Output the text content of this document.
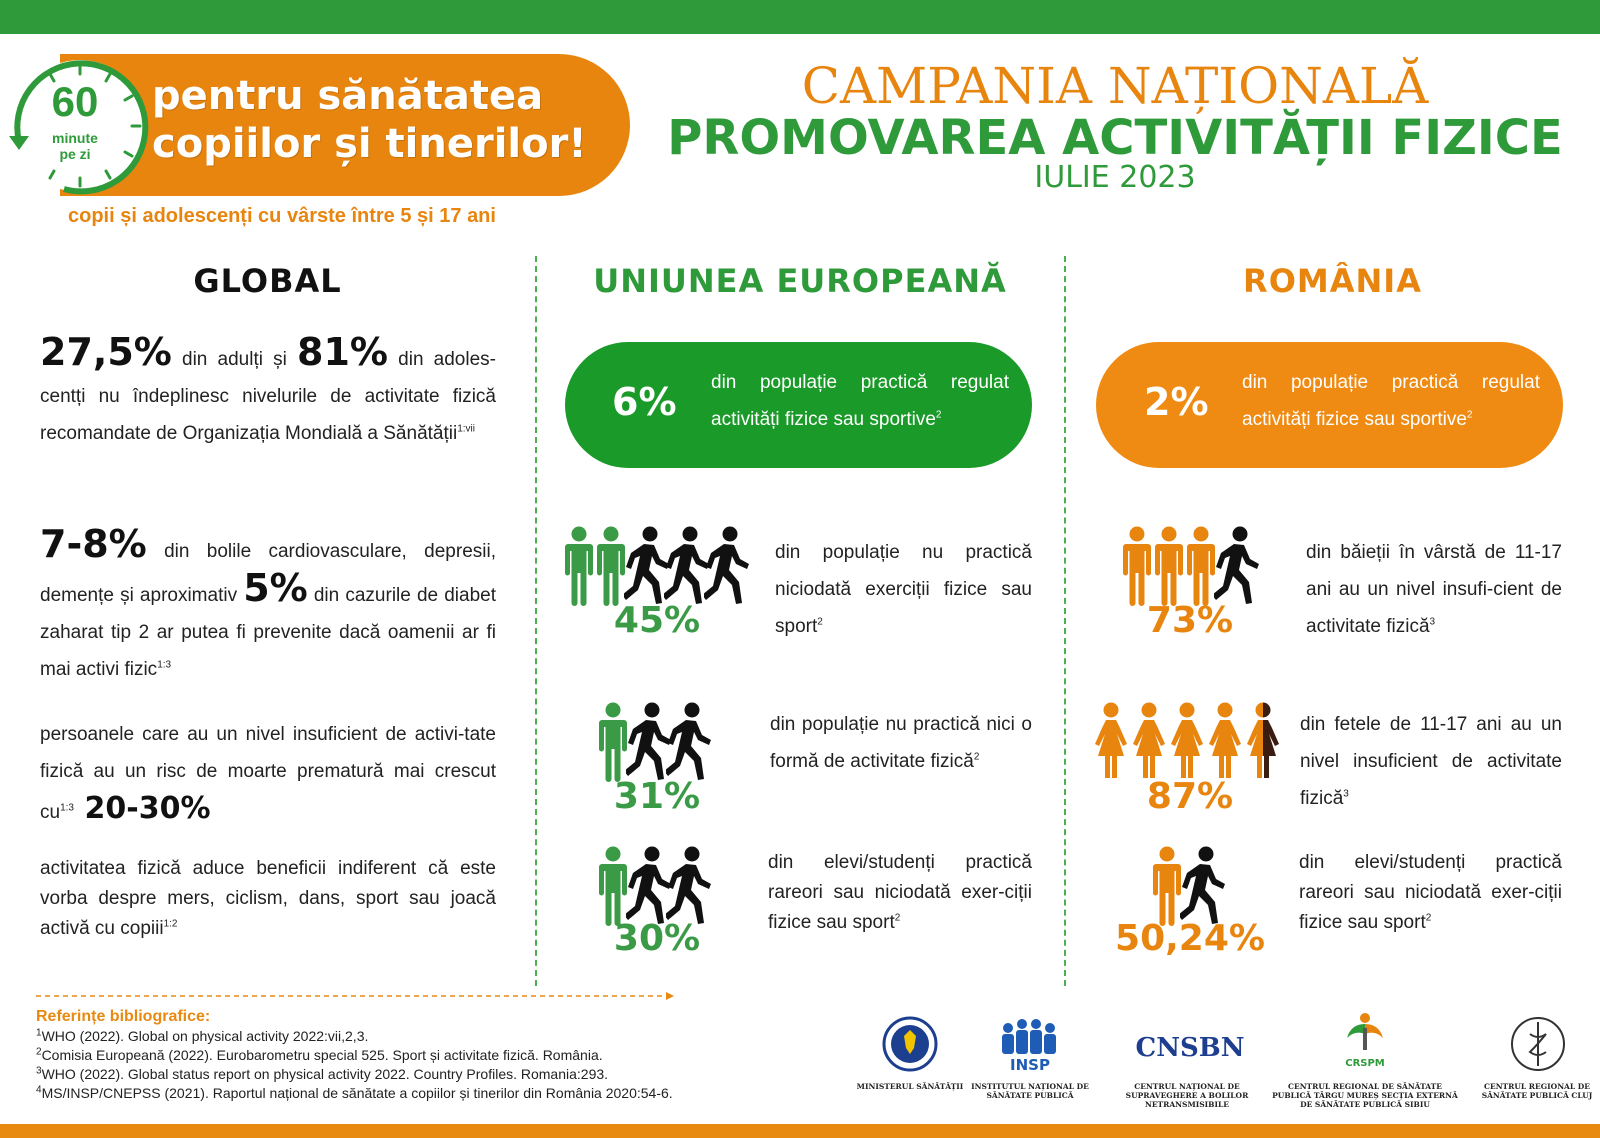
60
minute
pe zi
pentru sănătatea
copiilor și tinerilor!
copii și adolescenți cu vârste între 5 și 17 ani
CAMPANIA NAȚIONALĂ
PROMOVAREA ACTIVITĂȚII FIZICE
IULIE 2023
GLOBAL
27,5% din adulți și 81% din adoles-centți nu îndeplinesc nivelurile de activitate fizică recomandate de Organizația Mondială a Sănătății$^{1:vii}$
7-8% din bolile cardiovasculare, depresii, demențe și aproximativ 5% din cazurile de diabet zaharat tip 2 ar putea fi prevenite dacă oamenii ar fi mai activi fizic$^{1:3}$
persoanele care au un nivel insuficient de activi-tate fizică au un risc de moarte prematură mai crescut $cu^{1:3}$ 20-30%
activitatea fizică aduce beneficii indiferent că este vorba despre mers, ciclism, dans, sport sau joacă activă cu copiii$^{1:2}$
UNIUNEA EUROPEANĂ
6% din populație practică regulat activități fizice sau sportive$^2$
45%
din populație nu practică niciodată exerciții fizice sau sport$^2$
31%
din populație nu practică nici o formă de activitate fizică$^2$
30%
din elevi/studenți practică rareori sau niciodată exer-ciții fizice sau sport$^2$
ROMÂNIA
2% din populație practică regulat activități fizice sau sportive$^2$
73%
din băieții în vârstă de 11-17 ani au un nivel insufi-cient de activitate fizică$^3$
87%
din fetele de 11-17 ani au un nivel insuficient de activitate fizică$^3$
50,24%
din elevi/studenți practică rareori sau niciodată exer-ciții fizice sau sport$^2$
Referințe bibliografice:
$^1$WHO (2022). Global on physical activity 2022:vii,2,3.
$^2$Comisia Europeană (2022). Eurobarometru special 525. Sport și activitate fizică. România.
$^3$WHO (2022). Global status report on physical activity 2022. Country Profiles. Romania:293.
$^4$MS/INSP/CNEPSS (2021). Raportul național de sănătate a copiilor și tinerilor din România 2020:54-6.	MINISTERUL SĂNĂTĂȚII
INSP
INSTITUTUL NAȚIONAL DE SĂNĂTATE PUBLICĂ
CNSBN
CENTRUL NAȚIONAL DE SUPRAVEGHERE A BOLILOR NETRANSMISIBILE
CRSPM
CENTRUL REGIONAL DE SĂNĂTATE PUBLICĂ TÂRGU MUREȘ SECȚIA EXTERNĂ DE SĂNĂTATE PUBLICĂ SIBIU
CENTRUL REGIONAL DE SĂNĂTATE PUBLICĂ CLUJ
